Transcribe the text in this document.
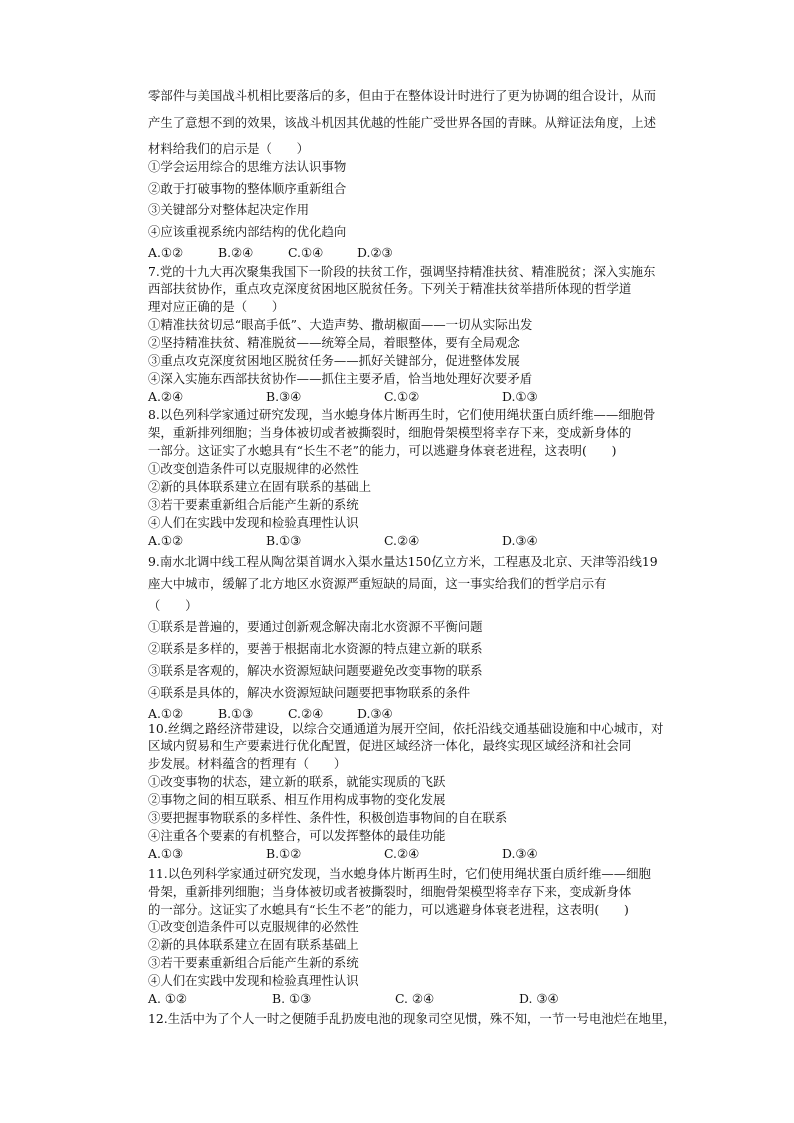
零部件与美国战斗机相比要落后的多，但由于在整体设计时进行了更为协调的组合设计，从而
产生了意想不到的效果，该战斗机因其优越的性能广受世界各国的青睐。从辩证法角度，上述
材料给我们的启示是（　　）
①学会运用综合的思维方法认识事物
②敢于打破事物的整体顺序重新组合
③关键部分对整体起决定作用
④应该重视系统内部结构的优化趋向
A.①②	B.②④	C.①④	D.②③
7.党的十九大再次聚集我国下一阶段的扶贫工作，强调坚持精准扶贫、精准脱贫；深入实施东
西部扶贫协作，重点攻克深度贫困地区脱贫任务。下列关于精准扶贫举措所体现的哲学道
理对应正确的是（　　）
①精准扶贫切忌“眼高手低”、大造声势、撒胡椒面——一切从实际出发
②坚持精准扶贫、精准脱贫——统筹全局，着眼整体，要有全局观念
③重点攻克深度贫困地区脱贫任务——抓好关键部分，促进整体发展
④深入实施东西部扶贫协作——抓住主要矛盾，恰当地处理好次要矛盾
A.②④	B.③④	C.①②	D.①③
8.以色列科学家通过研究发现，当水螅身体片断再生时，它们使用绳状蛋白质纤维——细胞骨
架，重新排列细胞；当身体被切或者被撕裂时，细胞骨架模型将幸存下来，变成新身体的
一部分。这证实了水螅具有“长生不老”的能力，可以逃避身体衰老进程，这表明(　　)
①改变创造条件可以克服规律的必然性
②新的具体联系建立在固有联系的基础上
③若干要素重新组合后能产生新的系统
④人们在实践中发现和检验真理性认识
A.①②	B.①③	C.②④	D.③④
9.南水北调中线工程从陶岔渠首调水入渠水量达150亿立方米，工程惠及北京、天津等沿线19
座大中城市，缓解了北方地区水资源严重短缺的局面，这一事实给我们的哲学启示有
（　　）
①联系是普遍的，要通过创新观念解决南北水资源不平衡问题
②联系是多样的，要善于根据南北水资源的特点建立新的联系
③联系是客观的，解决水资源短缺问题要避免改变事物的联系
④联系是具体的，解决水资源短缺问题要把事物联系的条件
A.①②	B.①③	C.②④	D.③④
10.丝绸之路经济带建设，以综合交通通道为展开空间，依托沿线交通基础设施和中心城市，对
区域内贸易和生产要素进行优化配置，促进区域经济一体化，最终实现区域经济和社会同
步发展。材料蕴含的哲理有（　　）
①改变事物的状态，建立新的联系，就能实现质的飞跃
②事物之间的相互联系、相互作用构成事物的变化发展
③要把握事物联系的多样性、条件性，积极创造事物间的自在联系
④注重各个要素的有机整合，可以发挥整体的最佳功能
A.①③	B.①②	C.②④	D.③④
11.以色列科学家通过研究发现，当水螅身体片断再生时，它们使用绳状蛋白质纤维——细胞
骨架，重新排列细胞；当身体被切或者被撕裂时，细胞骨架模型将幸存下来，变成新身体
的一部分。这证实了水螅具有“长生不老”的能力，可以逃避身体衰老进程，这表明(　　)
①改变创造条件可以克服规律的必然性
②新的具体联系建立在固有联系基础上
③若干要素重新组合后能产生新的系统
④人们在实践中发现和检验真理性认识
A. ①②	B. ①③	C. ②④	D. ③④
12.生活中为了个人一时之便随手乱扔废电池的现象司空见惯，殊不知，一节一号电池烂在地里，
